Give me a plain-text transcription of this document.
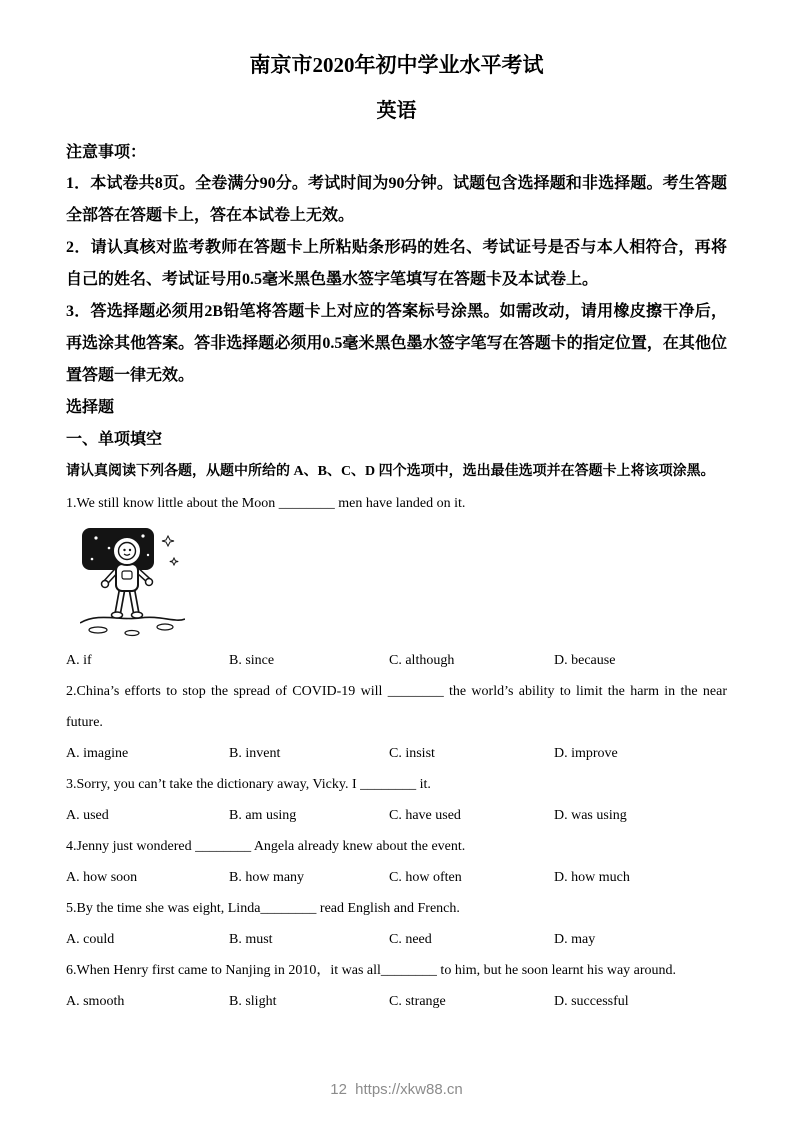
南京市2020年初中学业水平考试
英语

注意事项：

1．本试卷共8页。全卷满分90分。考试时间为90分钟。试题包含选择题和非选择题。考生答题全部答在答题卡上，答在本试卷上无效。

2．请认真核对监考教师在答题卡上所粘贴条形码的姓名、考试证号是否与本人相符合，再将自己的姓名、考试证号用0.5毫米黑色墨水签字笔填写在答题卡及本试卷上。

3．答选择题必须用2B铅笔将答题卡上对应的答案标号涂黑。如需改动，请用橡皮擦干净后，再选涂其他答案。答非选择题必须用0.5毫米黑色墨水签字笔写在答题卡的指定位置，在其他位置答题一律无效。

选择题

一、单项填空

请认真阅读下列各题，从题中所给的 A、B、C、D 四个选项中，选出最佳选项并在答题卡上将该项涂黑。

1.We still know little about the Moon ________ men have landed on it.

A. if	B. since	C. although	D. because

2.China’s efforts to stop the spread of COVID-19 will ________ the world’s ability to limit the harm in the near future.

A. imagine	B. invent	C. insist	D. improve

3.Sorry, you can’t take the dictionary away, Vicky. I ________ it.

A. used	B. am using	C. have used	D. was using

4.Jenny just wondered ________ Angela already knew about the event.

A. how soon	B. how many	C. how often	D. how much

5.By the time she was eight, Linda________ read English and French.

A. could	B. must	C. need	D. may

6.When Henry first came to Nanjing in 2010，it was all________ to him, but he soon learnt his way around.

A. smooth	B. slight	C. strange	D. successful
12 https://xkw88.cn
